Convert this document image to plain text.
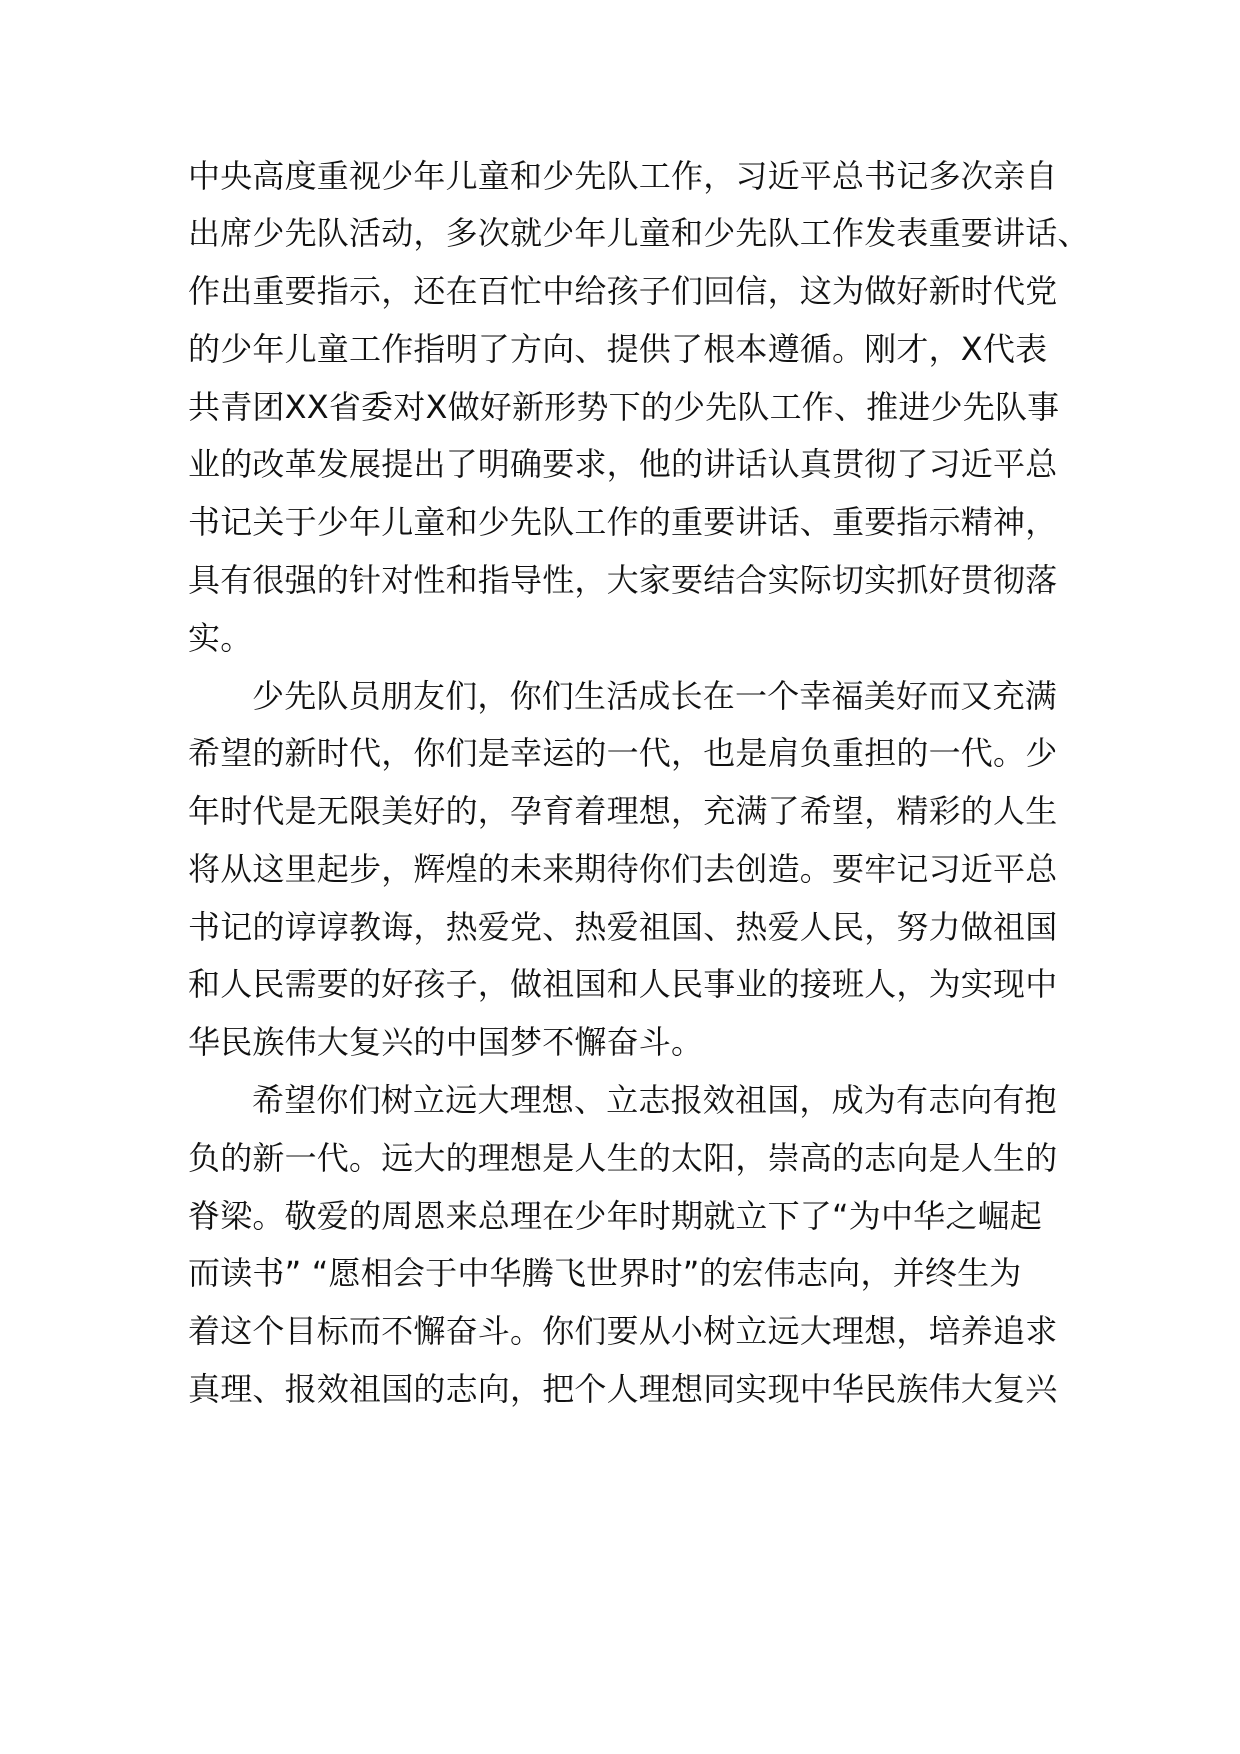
中央高度重视少年儿童和少先队工作，习近平总书记多次亲自
出席少先队活动，多次就少年儿童和少先队工作发表重要讲话、
作出重要指示，还在百忙中给孩子们回信，这为做好新时代党
的少年儿童工作指明了方向、提供了根本遵循。刚才，X代表
共青团XX省委对X做好新形势下的少先队工作、推进少先队事
业的改革发展提出了明确要求，他的讲话认真贯彻了习近平总
书记关于少年儿童和少先队工作的重要讲话、重要指示精神，
具有很强的针对性和指导性，大家要结合实际切实抓好贯彻落
实。
少先队员朋友们，你们生活成长在一个幸福美好而又充满
希望的新时代，你们是幸运的一代，也是肩负重担的一代。少
年时代是无限美好的，孕育着理想，充满了希望，精彩的人生
将从这里起步，辉煌的未来期待你们去创造。要牢记习近平总
书记的谆谆教诲，热爱党、热爱祖国、热爱人民，努力做祖国
和人民需要的好孩子，做祖国和人民事业的接班人，为实现中
华民族伟大复兴的中国梦不懈奋斗。
希望你们树立远大理想、立志报效祖国，成为有志向有抱
负的新一代。远大的理想是人生的太阳，崇高的志向是人生的
脊梁。敬爱的周恩来总理在少年时期就立下了“为中华之崛起
而读书” “愿相会于中华腾飞世界时”的宏伟志向，并终生为
着这个目标而不懈奋斗。你们要从小树立远大理想，培养追求
真理、报效祖国的志向，把个人理想同实现中华民族伟大复兴
